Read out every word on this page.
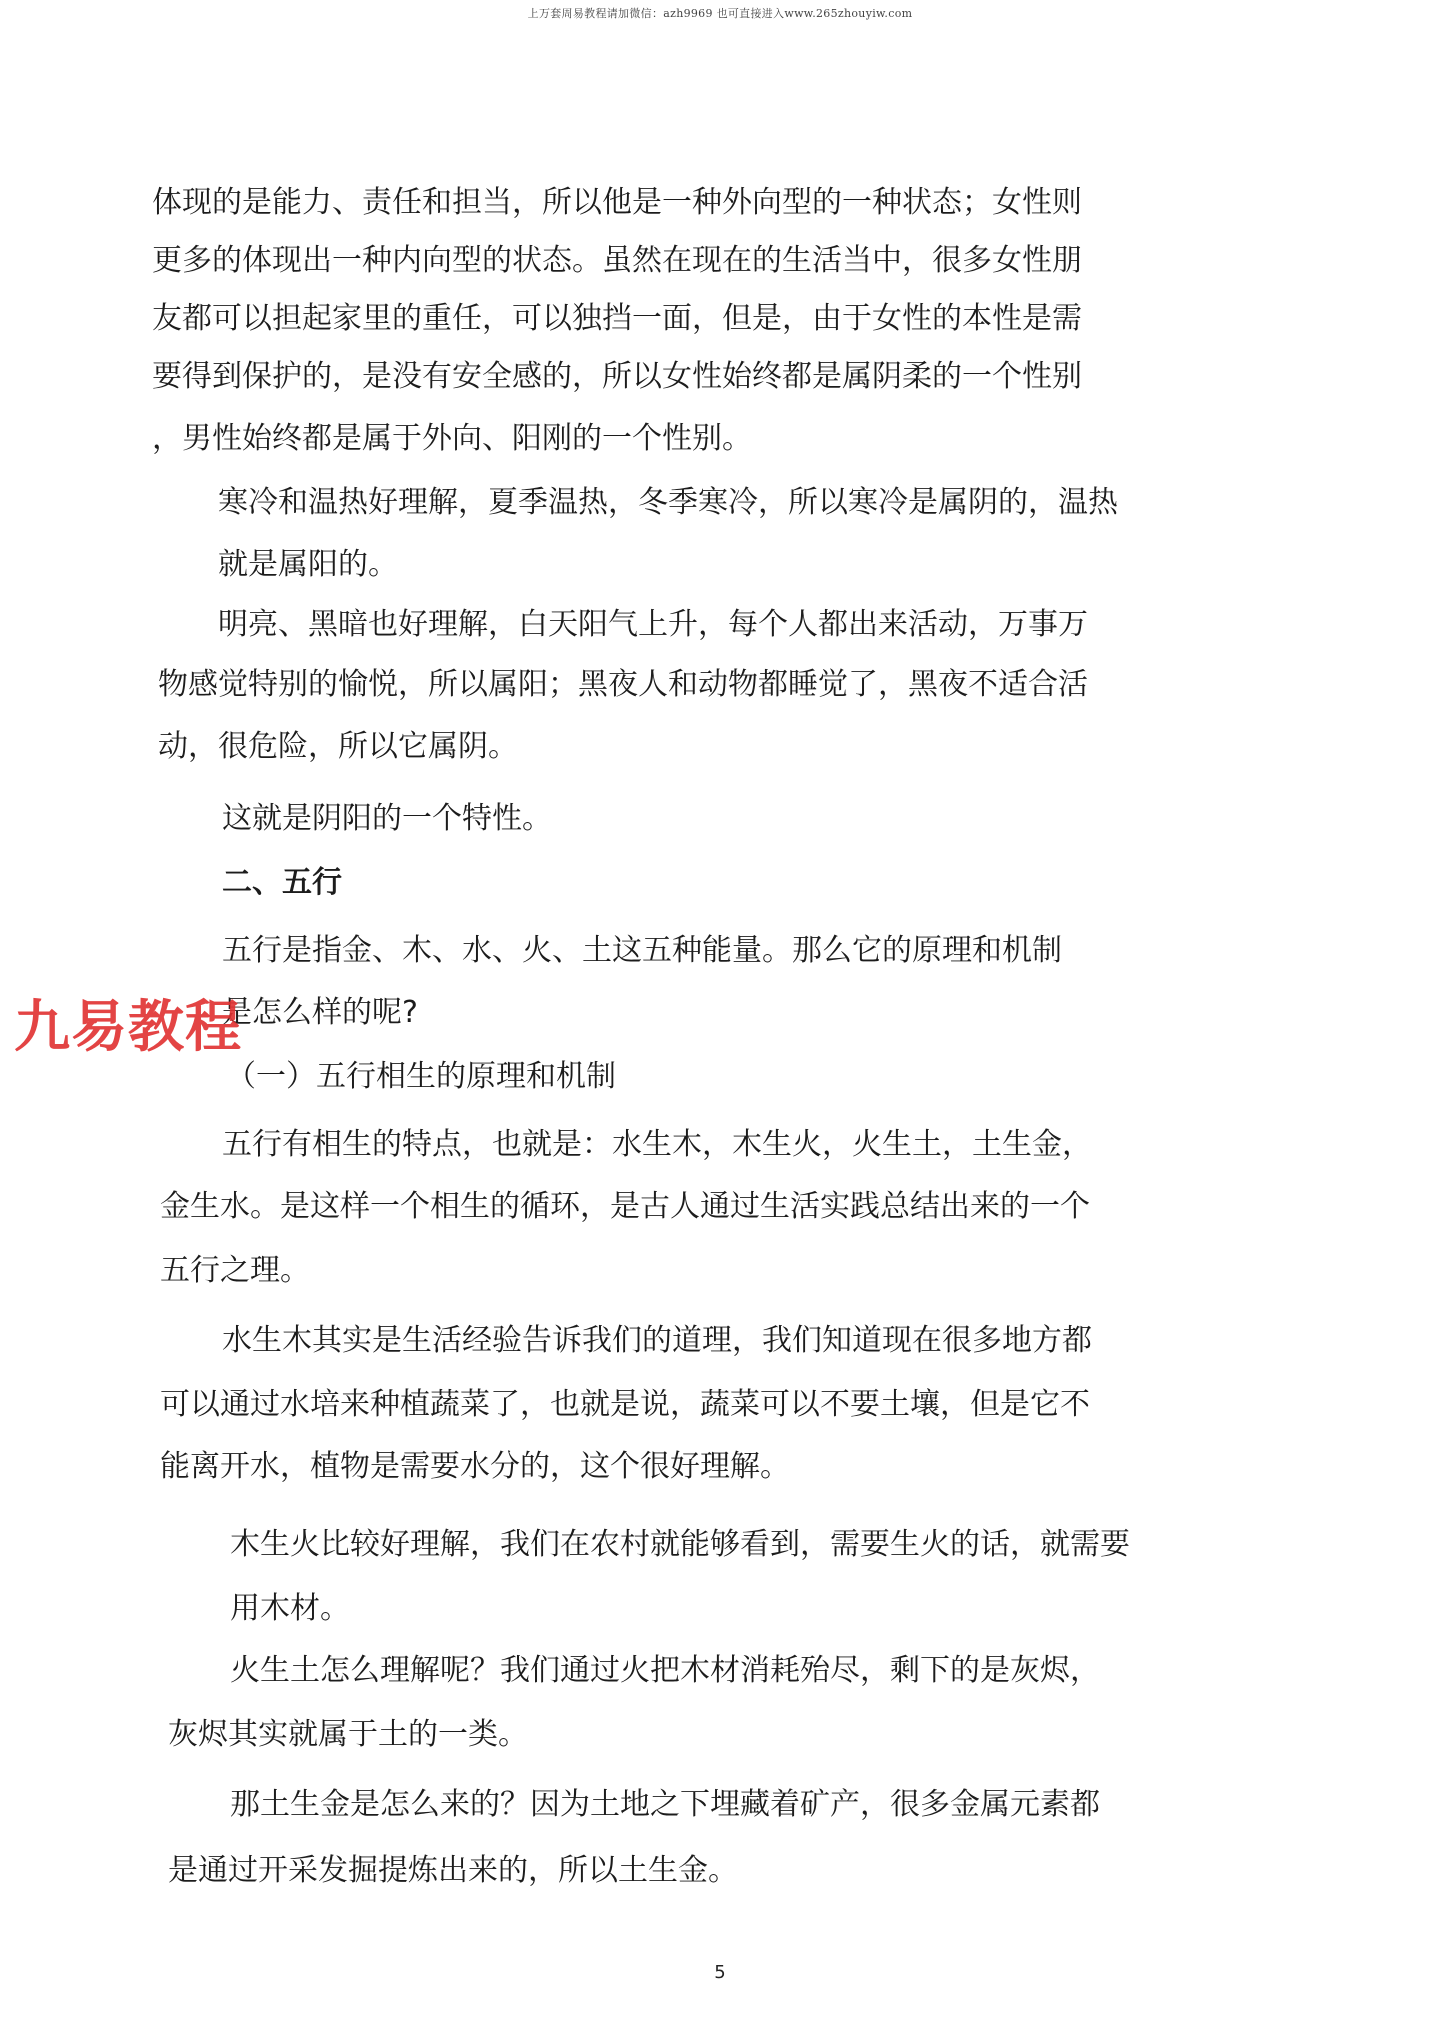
上万套周易教程请加微信：azh9969 也可直接进入www.265zhouyiw.com
体现的是能力、责任和担当，所以他是一种外向型的一种状态；女性则
更多的体现出一种内向型的状态。虽然在现在的生活当中，很多女性朋
友都可以担起家里的重任，可以独挡一面，但是，由于女性的本性是需
要得到保护的，是没有安全感的，所以女性始终都是属阴柔的一个性别
，男性始终都是属于外向、阳刚的一个性别。
寒冷和温热好理解，夏季温热，冬季寒冷，所以寒冷是属阴的，温热
就是属阳的。
明亮、黑暗也好理解，白天阳气上升，每个人都出来活动，万事万
物感觉特别的愉悦，所以属阳；黑夜人和动物都睡觉了，黑夜不适合活
动，很危险，所以它属阴。
这就是阴阳的一个特性。
二、五行
五行是指金、木、水、火、土这五种能量。那么它的原理和机制
是怎么样的呢?
九易教程
（一）五行相生的原理和机制
五行有相生的特点，也就是：水生木，木生火，火生土，土生金，
金生水。是这样一个相生的循环，是古人通过生活实践总结出来的一个
五行之理。
水生木其实是生活经验告诉我们的道理，我们知道现在很多地方都
可以通过水培来种植蔬菜了，也就是说，蔬菜可以不要土壤，但是它不
能离开水，植物是需要水分的，这个很好理解。
木生火比较好理解，我们在农村就能够看到，需要生火的话，就需要
用木材。
火生土怎么理解呢？我们通过火把木材消耗殆尽，剩下的是灰烬，
灰烬其实就属于土的一类。
那土生金是怎么来的？因为土地之下埋藏着矿产，很多金属元素都
是通过开采发掘提炼出来的，所以土生金。
5
